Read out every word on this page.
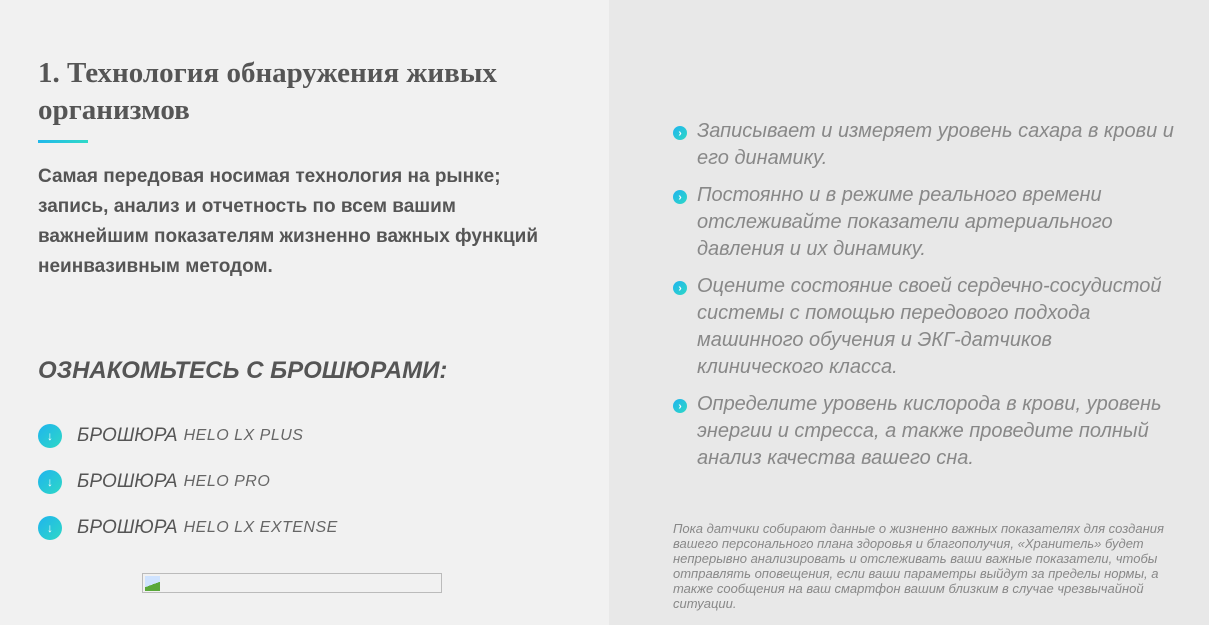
1. Технология обнаружения живых организмов

Самая передовая носимая технология на рынке; запись, анализ и отчетность по всем вашим важнейшим показателям жизненно важных функций неинвазивным методом.

ОЗНАКОМЬТЕСЬ С БРОШЮРАМИ:
↓	БРОШЮРА HELO LX PLUS
↓	БРОШЮРА HELO PRO
↓	БРОШЮРА HELO LX EXTENSE
› Записывает и измеряет уровень сахара в крови и его динамику.
› Постоянно и в режиме реального времени отслеживайте показатели артериального давления и их динамику.
› Оцените состояние своей сердечно-сосудистой системы с помощью передового подхода машинного обучения и ЭКГ-датчиков клинического класса.
› Определите уровень кислорода в крови, уровень энергии и стресса, а также проведите полный анализ качества вашего сна.

Пока датчики собирают данные о жизненно важных показателях для создания вашего персонального плана здоровья и благополучия, «Хранитель» будет непрерывно анализировать и отслеживать ваши важные показатели, чтобы отправлять оповещения, если ваши параметры выйдут за пределы нормы, а также сообщения на ваш смартфон вашим близким в случае чрезвычайной ситуации.
